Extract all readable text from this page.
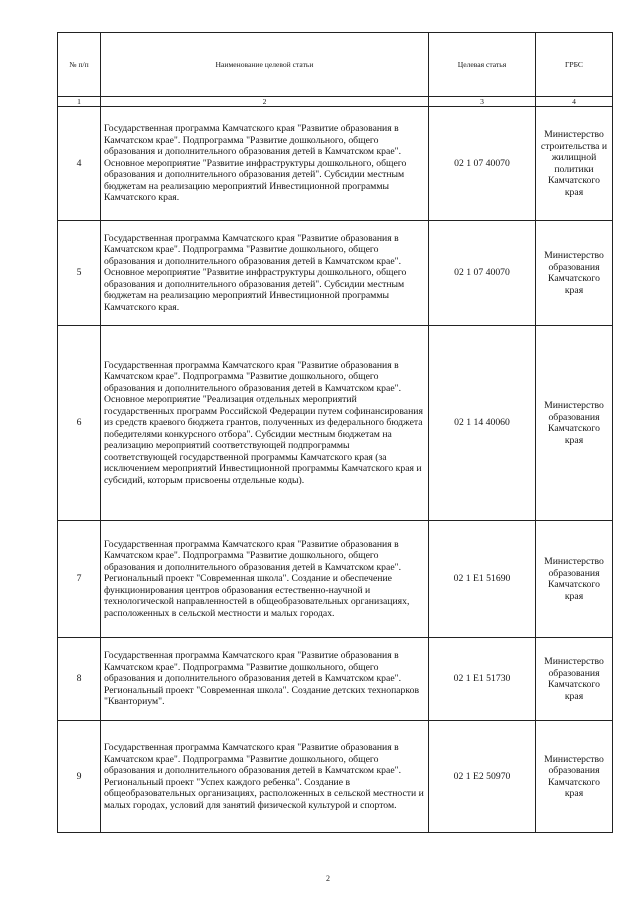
№ п/п	Наименование целевой статьи	Целевая статья	ГРБС
1	2	3	4
4	Государственная программа Камчатского края "Развитие образования в Камчатском крае". Подпрограмма "Развитие дошкольного, общего образования и дополнительного образования детей в Камчатском крае". Основное мероприятие "Развитие инфраструктуры дошкольного, общего образования и дополнительного образования детей". Субсидии местным бюджетам на реализацию мероприятий Инвестиционной программы Камчатского края.	02 1 07 40070	Министерство строительства и жилищной политики Камчатского края
5	Государственная программа Камчатского края "Развитие образования в Камчатском крае". Подпрограмма "Развитие дошкольного, общего образования и дополнительного образования детей в Камчатском крае". Основное мероприятие "Развитие инфраструктуры дошкольного, общего образования и дополнительного образования детей". Субсидии местным бюджетам на реализацию мероприятий Инвестиционной программы Камчатского края.	02 1 07 40070	Министерство образования Камчатского края
6	Государственная программа Камчатского края "Развитие образования в Камчатском крае". Подпрограмма "Развитие дошкольного, общего образования и дополнительного образования детей в Камчатском крае". Основное мероприятие "Реализация отдельных мероприятий государственных программ Российской Федерации путем софинансирования из средств краевого бюджета грантов, полученных из федерального бюджета победителями конкурсного отбора". Субсидии местным бюджетам на реализацию мероприятий соответствующей подпрограммы соответствующей государственной программы Камчатского края (за исключением мероприятий Инвестиционной программы Камчатского края и субсидий, которым присвоены отдельные коды).	02 1 14 40060	Министерство образования Камчатского края
7	Государственная программа Камчатского края "Развитие образования в Камчатском крае". Подпрограмма "Развитие дошкольного, общего образования и дополнительного образования детей в Камчатском крае". Региональный проект "Современная школа". Создание и обеспечение функционирования центров образования естественно-научной и технологической направленностей в общеобразовательных организациях, расположенных в сельской местности и малых городах.	02 1 E1 51690	Министерство образования Камчатского края
8	Государственная программа Камчатского края "Развитие образования в Камчатском крае". Подпрограмма "Развитие дошкольного, общего образования и дополнительного образования детей в Камчатском крае". Региональный проект "Современная школа". Создание детских технопарков "Кванториум".	02 1 E1 51730	Министерство образования Камчатского края
9	Государственная программа Камчатского края "Развитие образования в Камчатском крае". Подпрограмма "Развитие дошкольного, общего образования и дополнительного образования детей в Камчатском крае". Региональный проект "Успех каждого ребенка". Создание в общеобразовательных организациях, расположенных в сельской местности и малых городах, условий для занятий физической культурой и спортом.	02 1 E2 50970	Министерство образования Камчатского края
2
